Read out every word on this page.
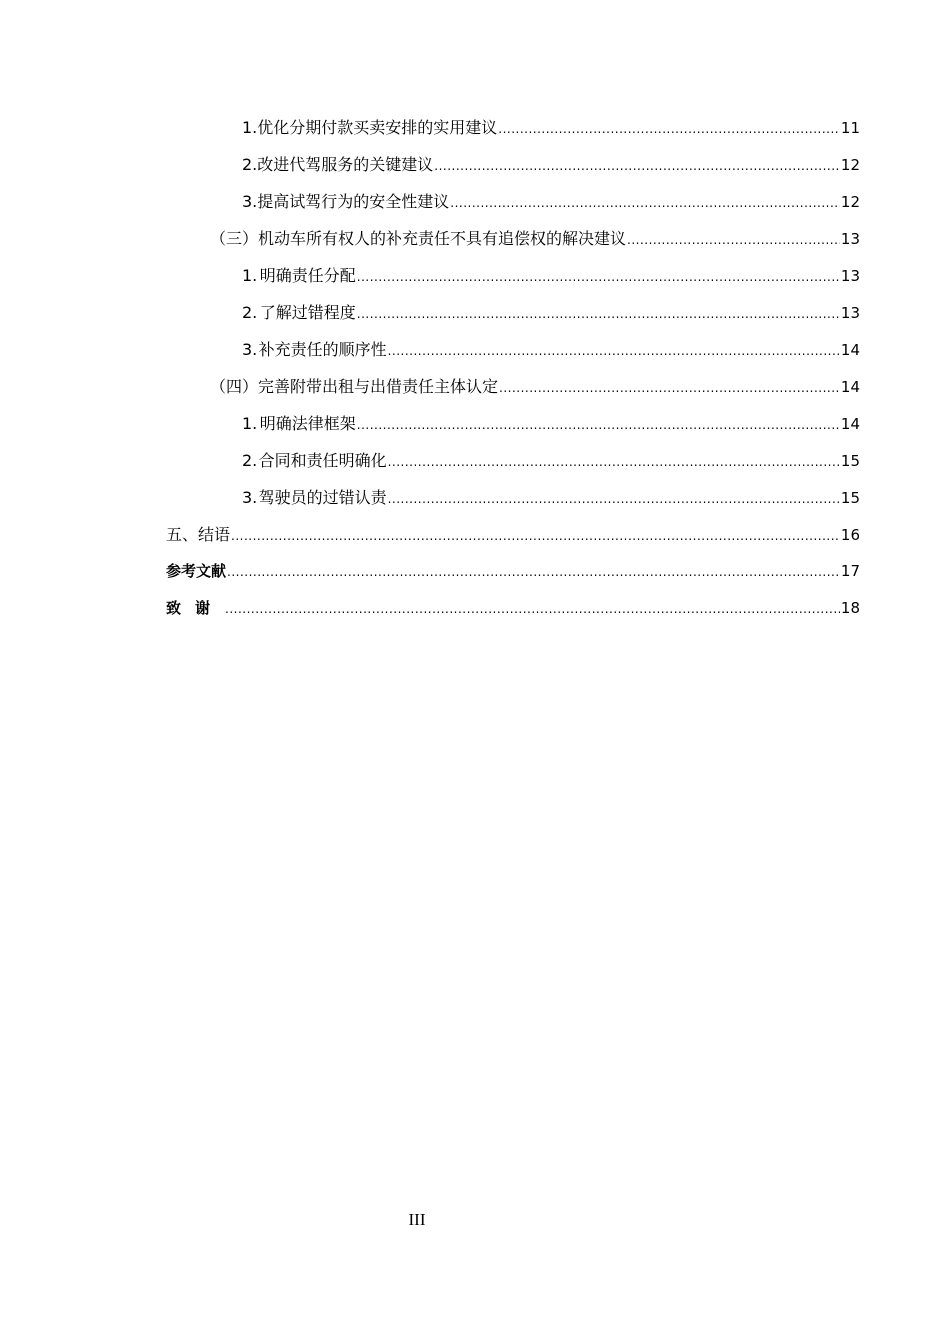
1. 优化分期付款买卖安排的实用建议 .....	11
2. 改进代驾服务的关键建议 .....	12
3. 提高试驾行为的安全性建议 .....	12
（三） 机动车所有权人的补充责任不具有追偿权的解决建议 .....	13
1. 明确责任分配 .....	13
2. 了解过错程度 .....	13
3. 补充责任的顺序性 .....	14
（四） 完善附带出租与出借责任主体认定 .....	14
1. 明确法律框架 .....	14
2. 合同和责任明确化 .....	15
3. 驾驶员的过错认责 .....	15
五、 结语 .....	16
参考文献 .....	17
致谢 .....	18
III
